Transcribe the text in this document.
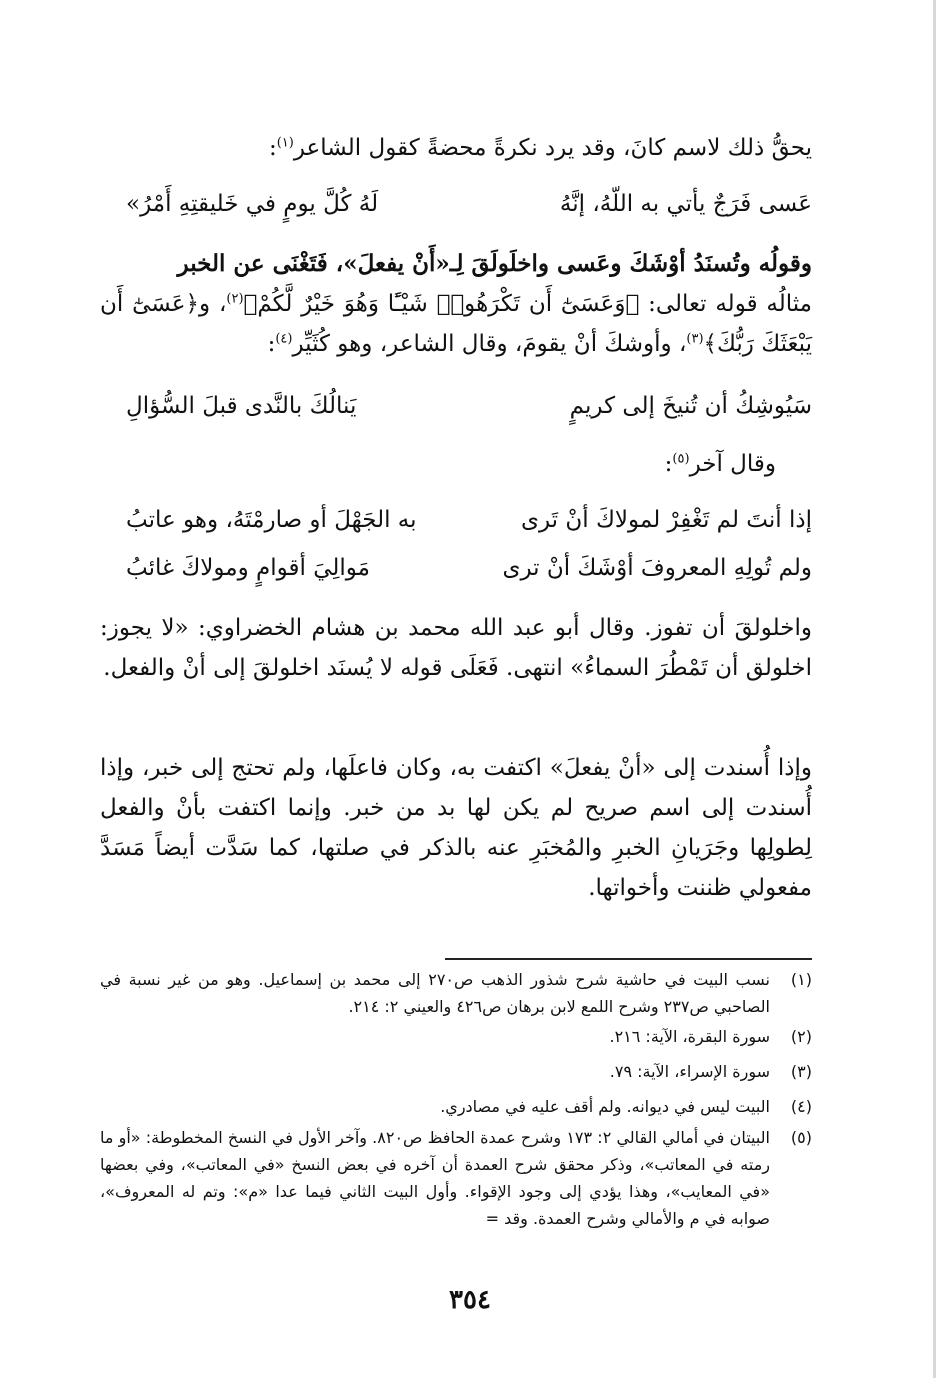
يحقُّ ذلك لاسم كانَ، وقد يرد نكرةً محضةً كقول الشاعر$^{(١)}$:

عَسى فَرَجٌ يأتي به اللّهُ، إنَّهُ
لَهُ كُلَّ يومٍ في خَليقتِهِ أَمْرُ»

وقولُه وتُسنَدُ أوْشَكَ وعَسى واخلَولَقَ لِـ«أَنْ يفعلَ»، فَتَغْنَى عن الخبر
مثالُه قوله تعالى: ﴿وَعَسَىٰٓ أَن تَكْرَهُوا۟ شَيْـًٔا وَهُوَ خَيْرٌ لَّكُمْ﴾$^{(٢)}$، و﴿عَسَىٰٓ أَن يَبْعَثَكَ رَبُّكَ﴾$^{(٣)}$، وأوشكَ أنْ يقومَ، وقال الشاعر، وهو كُثَيِّر$^{(٤)}$:

سَيُوشِكُ أن تُنيخَ إلى كريمٍ
يَنالُكَ بالنَّدى قبلَ السُّؤالِ

وقال آخر$^{(٥)}$:

إذا أنتَ لم تَغْفِرْ لمولاكَ أنْ تَرى
به الجَهْلَ أو صارمْتَهُ، وهو عاتبُ
ولم تُولِهِ المعروفَ أوْشَكَ أنْ ترى
مَوالِيَ أقوامٍ ومولاكَ غائبُ

واخلولقَ أن تفوز. وقال أبو عبد الله محمد بن هشام الخضراوي: «لا يجوز: اخلولق أن تَمْطُرَ السماءُ» انتهى. فَعَلَى قوله لا يُسنَد اخلولقَ إلى أنْ والفعل.

وإذا أُسندت إلى «أنْ يفعلَ» اكتفت به، وكان فاعلَها، ولم تحتج إلى خبر، وإذا أُسندت إلى اسم صريح لم يكن لها بد من خبر. وإنما اكتفت بأنْ والفعل لِطولِها وجَرَيانِ الخبرِ والمُخبَرِ عنه بالذكر في صلتها، كما سَدَّت أيضاً مَسَدَّ مفعولي ظننت وأخواتها.

(١)
نسب البيت في حاشية شرح شذور الذهب ص٢٧٠ إلى محمد بن إسماعيل. وهو من غير نسبة في الصاحبي ص٢٣٧ وشرح اللمع لابن برهان ص٤٢٦ والعيني ٢: ٢١٤.
(٢)
سورة البقرة، الآية: ٢١٦.
(٣)
سورة الإسراء، الآية: ٧٩.
(٤)
البيت ليس في ديوانه. ولم أقف عليه في مصادري.
(٥)
البيتان في أمالي القالي ٢: ١٧٣ وشرح عمدة الحافظ ص٨٢٠. وآخر الأول في النسخ المخطوطة: «أو ما رمته في المعاتب»، وذكر محقق شرح العمدة أن آخره في بعض النسخ «في المعاتب»، وفي بعضها «في المعايب»، وهذا يؤدي إلى وجود الإقواء. وأول البيت الثاني فيما عدا «م»: وتم له المعروف»، صوابه في م والأمالي وشرح العمدة. وقد =
٣٥٤
